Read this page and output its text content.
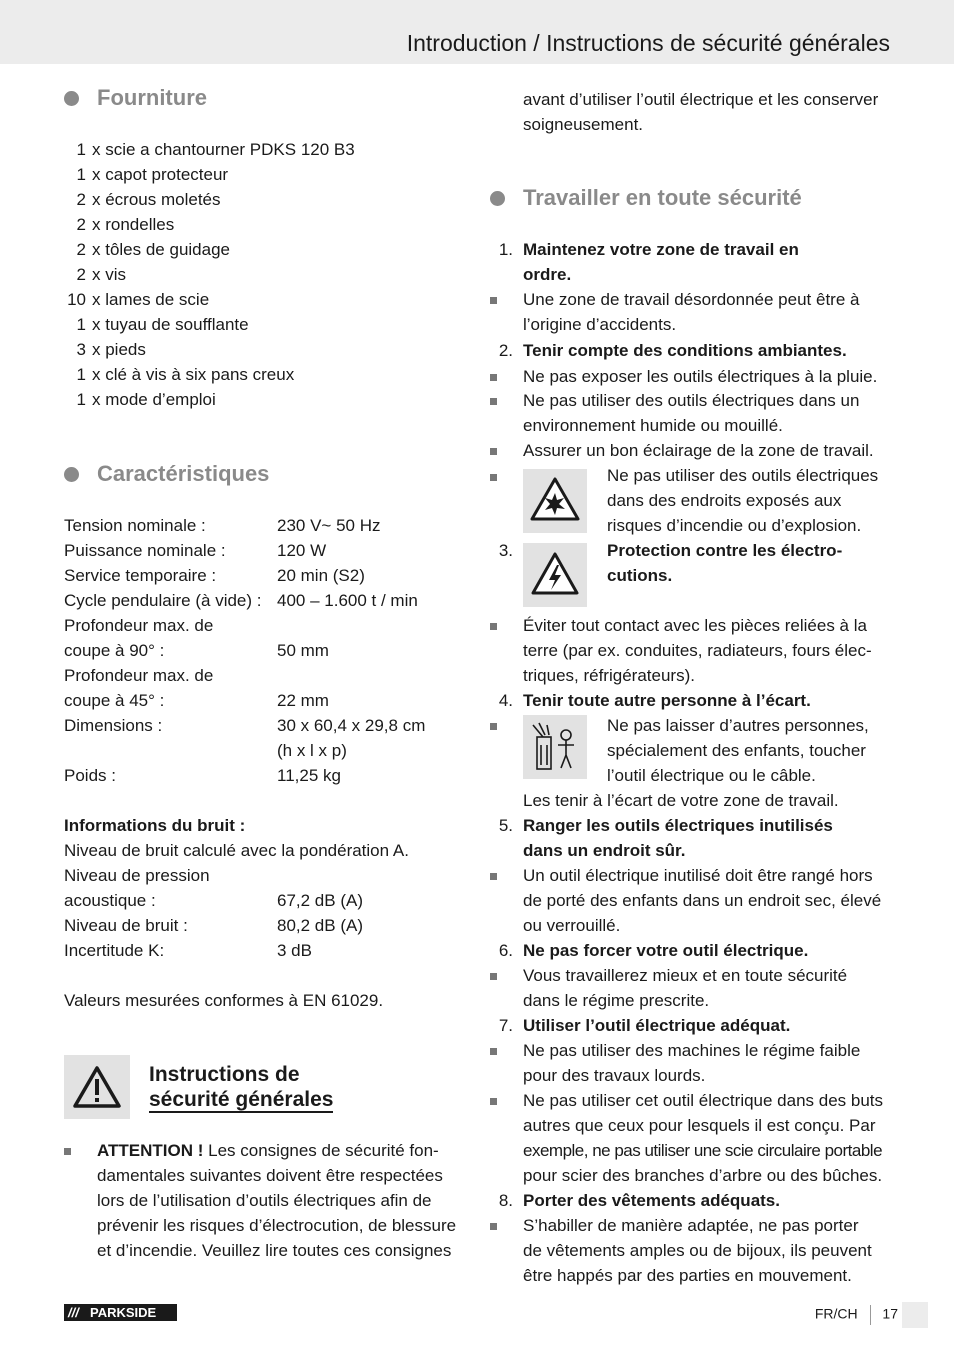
Introduction / Instructions de sécurité générales
Fourniture
1 x scie a chantourner PDKS 120 B3
1 x capot protecteur
2 x écrous moletés
2 x rondelles
2 x tôles de guidage
2 x vis
10 x lames de scie
1 x tuyau de soufflante
3 x pieds
1 x clé à vis à six pans creux
1 x mode d’emploi
Caractéristiques
Tension nominale :	230 V~ 50 Hz
Puissance nominale :	120 W
Service temporaire :	20 min (S2)
Cycle pendulaire (à vide) : 400 – 1.600 t / min
Profondeur max. de
coupe à 90° :	50 mm
Profondeur max. de
coupe à 45° :	22 mm
Dimensions :	30 x 60,4 x 29,8 cm
(h x l x p)
Poids :	11,25 kg
Informations du bruit :
Niveau de bruit calculé avec la pondération A.
Niveau de pression
acoustique :	67,2 dB (A)
Niveau de bruit :	80,2 dB (A)
Incertitude K:	3 dB
Valeurs mesurées conformes à EN 61029.
Instructions de
sécurité générales
ATTENTION ! Les consignes de sécurité fon-
damentales suivantes doivent être respectées
lors de l’utilisation d’outils électriques afin de
prévenir les risques d’électrocution, de blessure
et d’incendie. Veuillez lire toutes ces consignes
avant d’utiliser l’outil électrique et les conserver
soigneusement.
Travailler en toute sécurité
1. Maintenez votre zone de travail en
ordre.
Une zone de travail désordonnée peut être à
l’origine d’accidents.
2. Tenir compte des conditions ambiantes.
Ne pas exposer les outils électriques à la pluie.
Ne pas utiliser des outils électriques dans un
environnement humide ou mouillé.
Assurer un bon éclairage de la zone de travail.
Ne pas utiliser des outils électriques
dans des endroits exposés aux
risques d’incendie ou d’explosion.
3.	Protection contre les électro-
cutions.
Éviter tout contact avec les pièces reliées à la
terre (par ex. conduites, radiateurs, fours élec-
triques, réfrigérateurs).
4. Tenir toute autre personne à l’écart.
Ne pas laisser d’autres personnes,
spécialement des enfants, toucher
l’outil électrique ou le câble.
Les tenir à l’écart de votre zone de travail.
5. Ranger les outils électriques inutilisés
dans un endroit sûr.
Un outil électrique inutilisé doit être rangé hors
de porté des enfants dans un endroit sec, élevé
ou verrouillé.
6. Ne pas forcer votre outil électrique.
Vous travaillerez mieux et en toute sécurité
dans le régime prescrite.
7. Utiliser l’outil électrique adéquat.
Ne pas utiliser des machines le régime faible
pour des travaux lourds.
Ne pas utiliser cet outil électrique dans des buts
autres que ceux pour lesquels il est conçu. Par
exemple, ne pas utiliser une scie circulaire portable
pour scier des branches d’arbre ou des bûches.
8. Porter des vêtements adéquats.
S’habiller de manière adaptée, ne pas porter
de vêtements amples ou de bijoux, ils peuvent
être happés par des parties en mouvement.
/// PARKSIDE	FR/CH 17
